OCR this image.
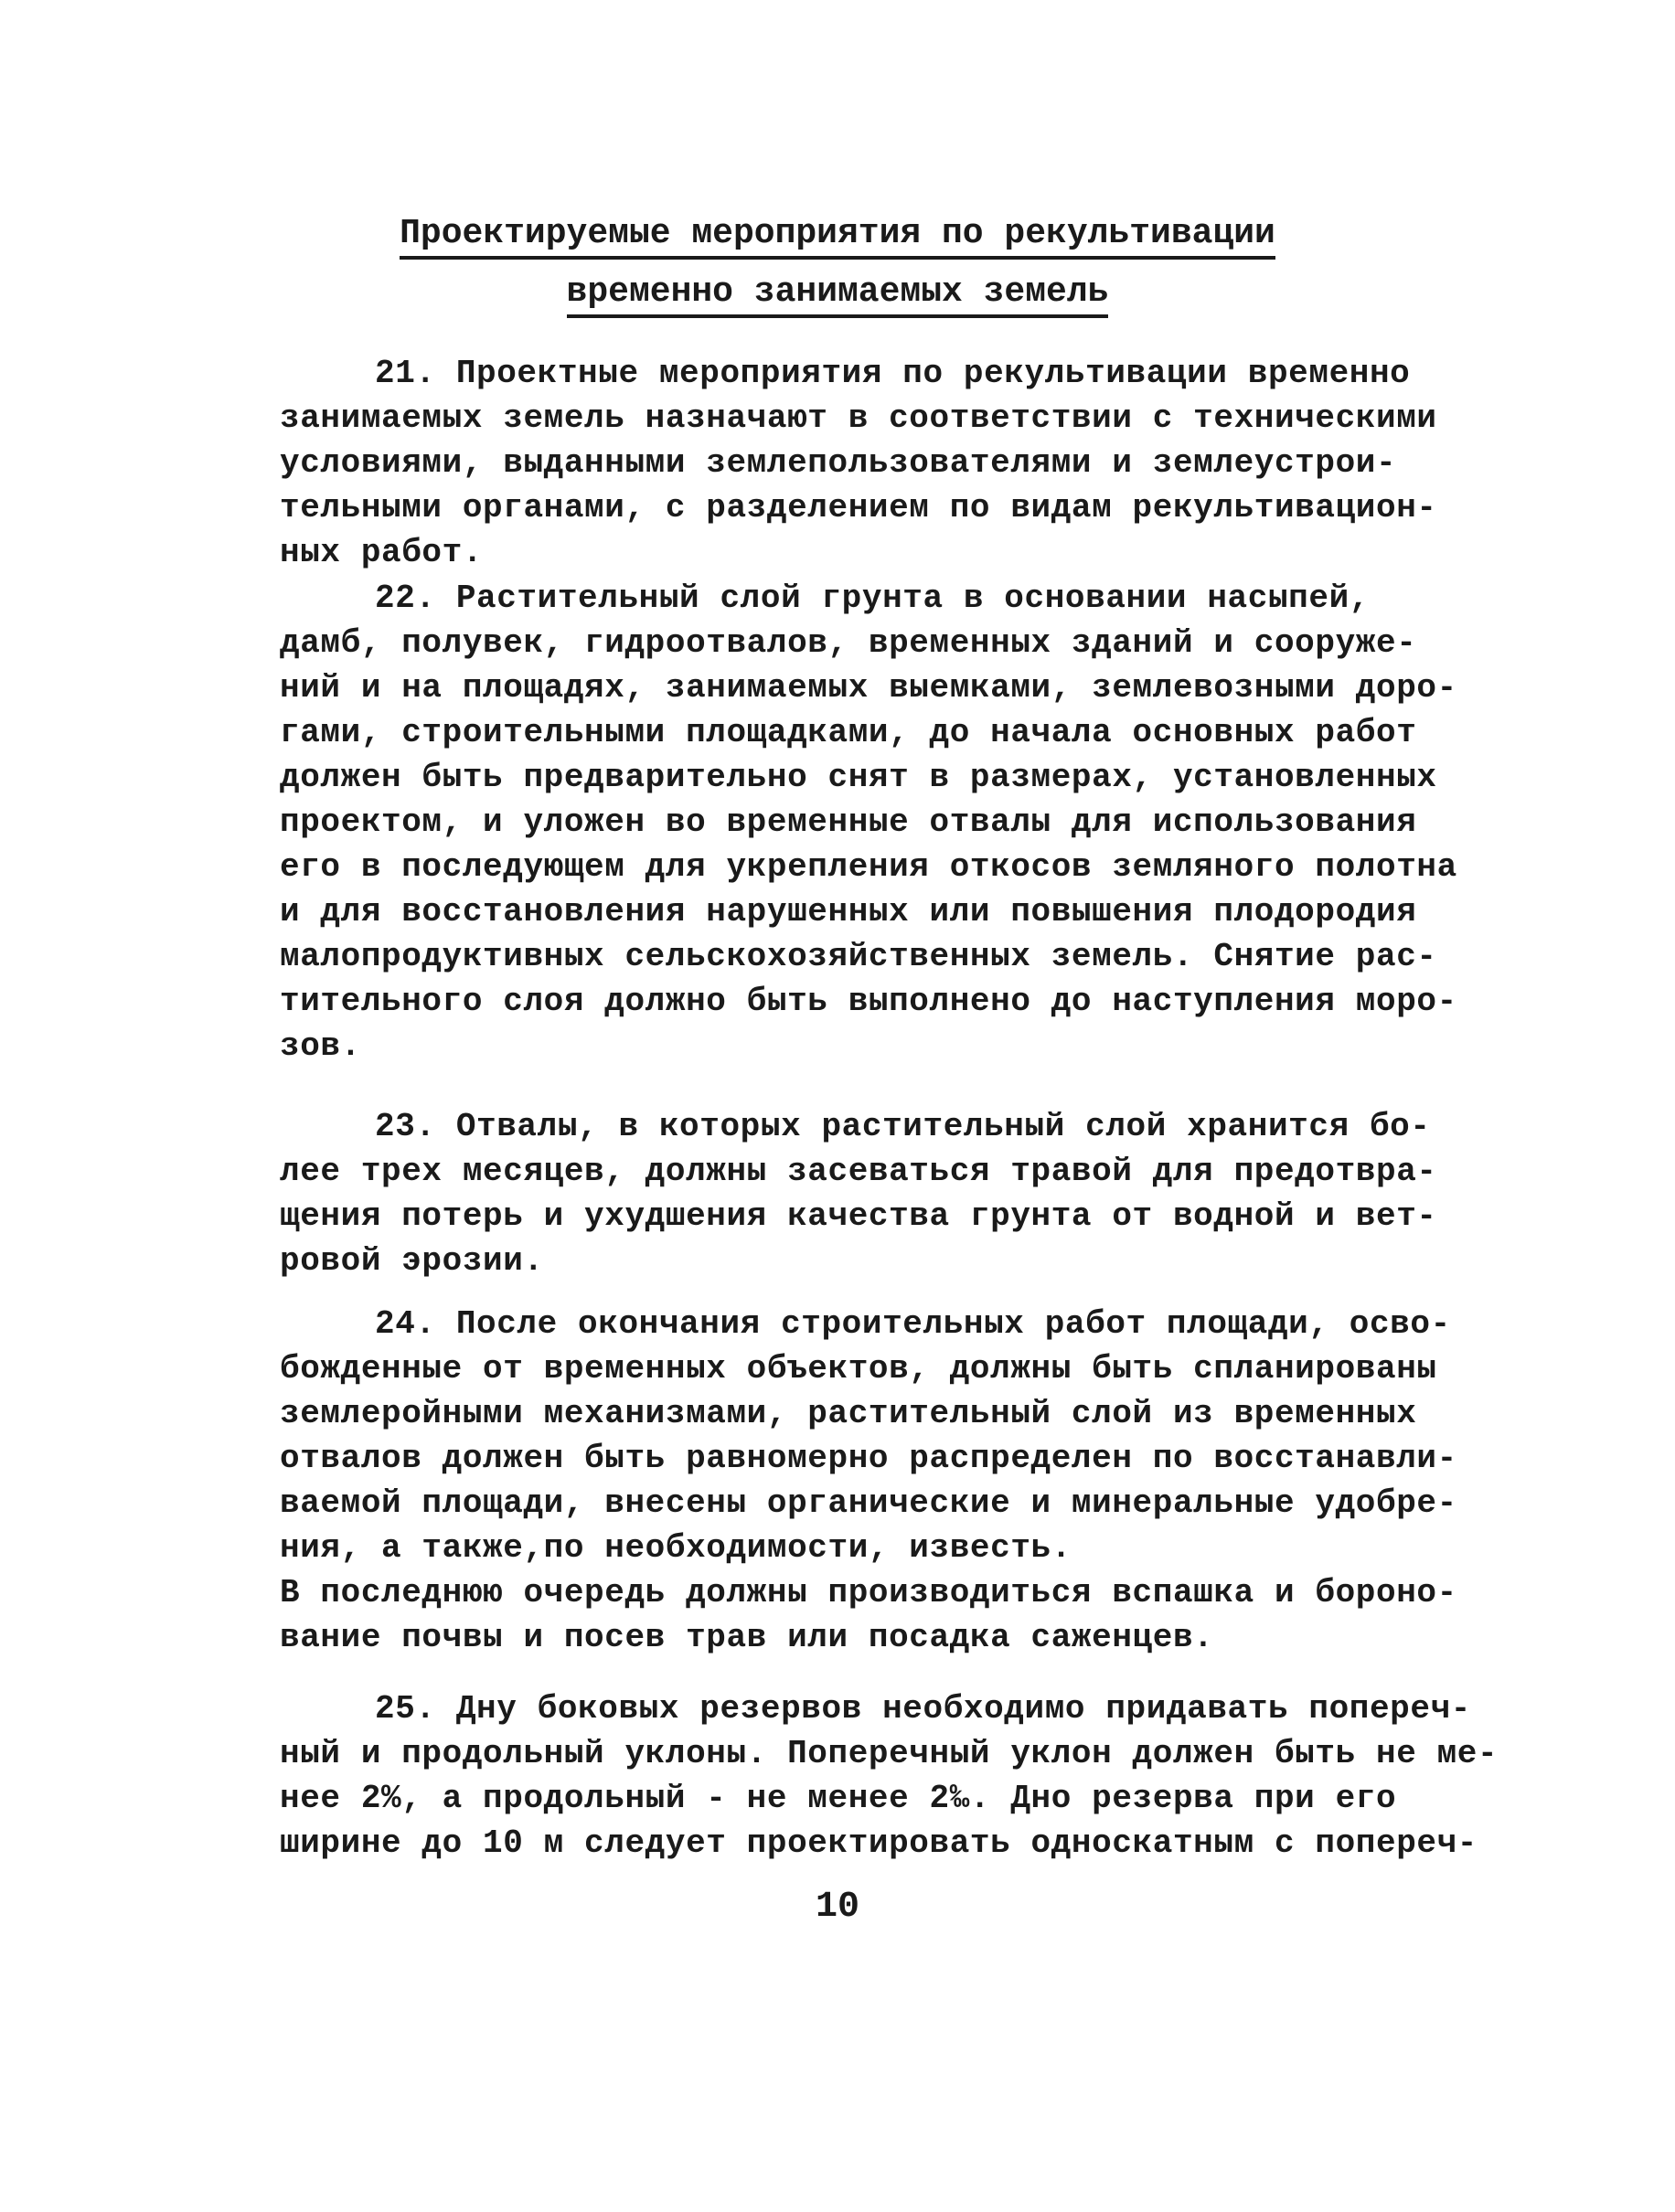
Проектируемые мероприятия по рекультивации
временно занимаемых земель
21. Проектные мероприятия по рекультивации временно
занимаемых земель назначают в соответствии с техническими
условиями, выданными землепользователями и землеустрои-
тельными органами, с разделением по видам рекультивацион-
ных работ.
22. Растительный слой грунта в основании насыпей,
дамб, полувек, гидроотвалов, временных зданий и сооруже-
ний и на площадях, занимаемых выемками, землевозными доро-
гами, строительными площадками, до начала основных работ
должен быть предварительно снят в размерах, установленных
проектом, и уложен во временные отвалы для использования
его в последующем для укрепления откосов земляного полотна
и для восстановления нарушенных или повышения плодородия
малопродуктивных сельскохозяйственных земель. Снятие рас-
тительного слоя должно быть выполнено до наступления моро-
зов.
23. Отвалы, в которых растительный слой хранится бо-
лее трех месяцев, должны засеваться травой для предотвра-
щения потерь и ухудшения качества грунта от водной и вет-
ровой эрозии.
24. После окончания строительных работ площади, осво-
божденные от временных объектов, должны быть спланированы
землеройными механизмами, растительный слой из временных
отвалов должен быть равномерно распределен по восстанавли-
ваемой площади, внесены органические и минеральные удобре-
ния, а также,по необходимости, известь.
В последнюю очередь должны производиться вспашка и бороно-
вание почвы и посев трав или посадка саженцев.
25. Дну боковых резервов необходимо придавать попереч-
ный и продольный уклоны. Поперечный уклон должен быть не ме-
нее 2%, а продольный - не менее 2‰. Дно резерва при его
ширине до 10 м следует проектировать односкатным с попереч-
10
